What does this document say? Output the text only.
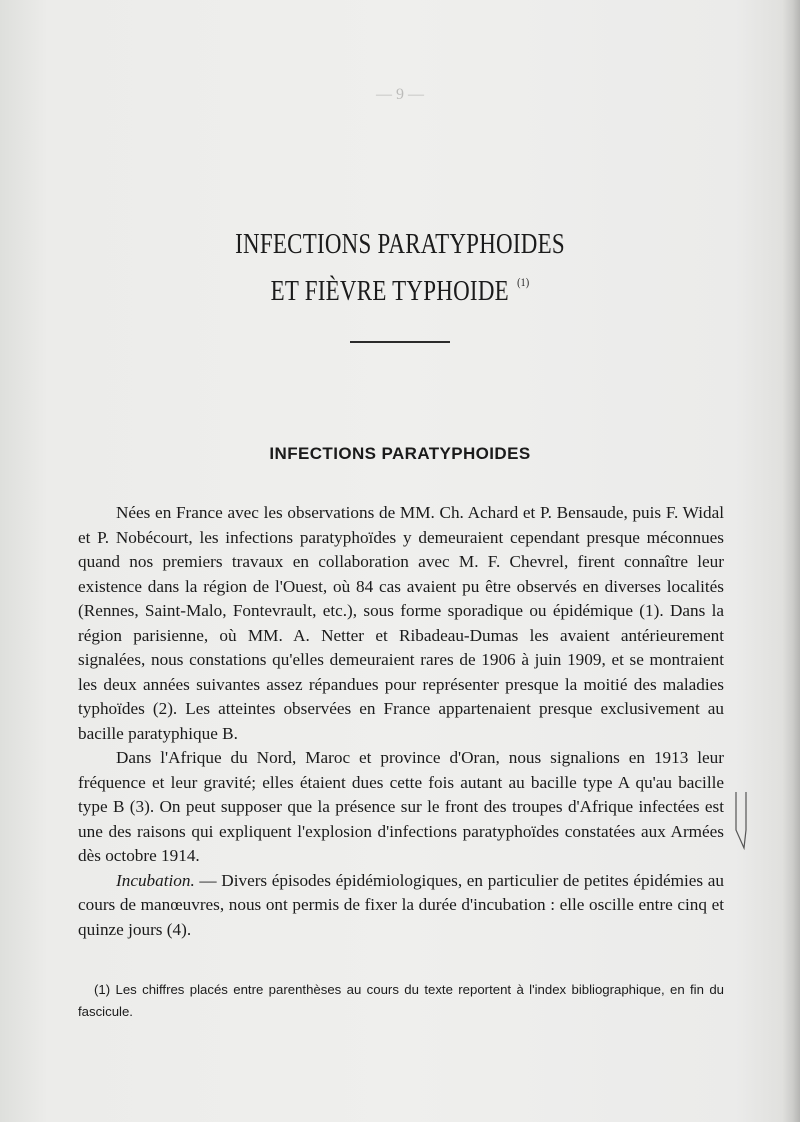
— 9 —
INFECTIONS PARATYPHOIDES
ET FIÈVRE TYPHOIDE $^{(1)}$
INFECTIONS PARATYPHOIDES

Nées en France avec les observations de MM. Ch. Achard et P. Bensaude, puis F. Widal et P. Nobécourt, les infections paratyphoïdes y demeuraient cependant presque méconnues quand nos premiers travaux en collaboration avec M. F. Chevrel, firent connaître leur existence dans la région de l'Ouest, où 84 cas avaient pu être observés en diverses localités (Rennes, Saint-Malo, Fontevrault, etc.), sous forme sporadique ou épidémique (1). Dans la région parisienne, où MM. A. Netter et Ribadeau-Dumas les avaient antérieurement signalées, nous constations qu'elles demeuraient rares de 1906 à juin 1909, et se montraient les deux années suivantes assez répandues pour représenter presque la moitié des maladies typhoïdes (2). Les atteintes observées en France appartenaient presque exclusivement au bacille paratyphique B.

Dans l'Afrique du Nord, Maroc et province d'Oran, nous signalions en 1913 leur fréquence et leur gravité; elles étaient dues cette fois autant au bacille type A qu'au bacille type B (3). On peut supposer que la présence sur le front des troupes d'Afrique infectées est une des raisons qui expliquent l'explosion d'infections paratyphoïdes constatées aux Armées dès octobre 1914.

Incubation. — Divers épisodes épidémiologiques, en particulier de petites épidémies au cours de manœuvres, nous ont permis de fixer la durée d'incubation : elle oscille entre cinq et quinze jours (4).

(1) Les chiffres placés entre parenthèses au cours du texte reportent à l'index bibliographique, en fin du fascicule.
